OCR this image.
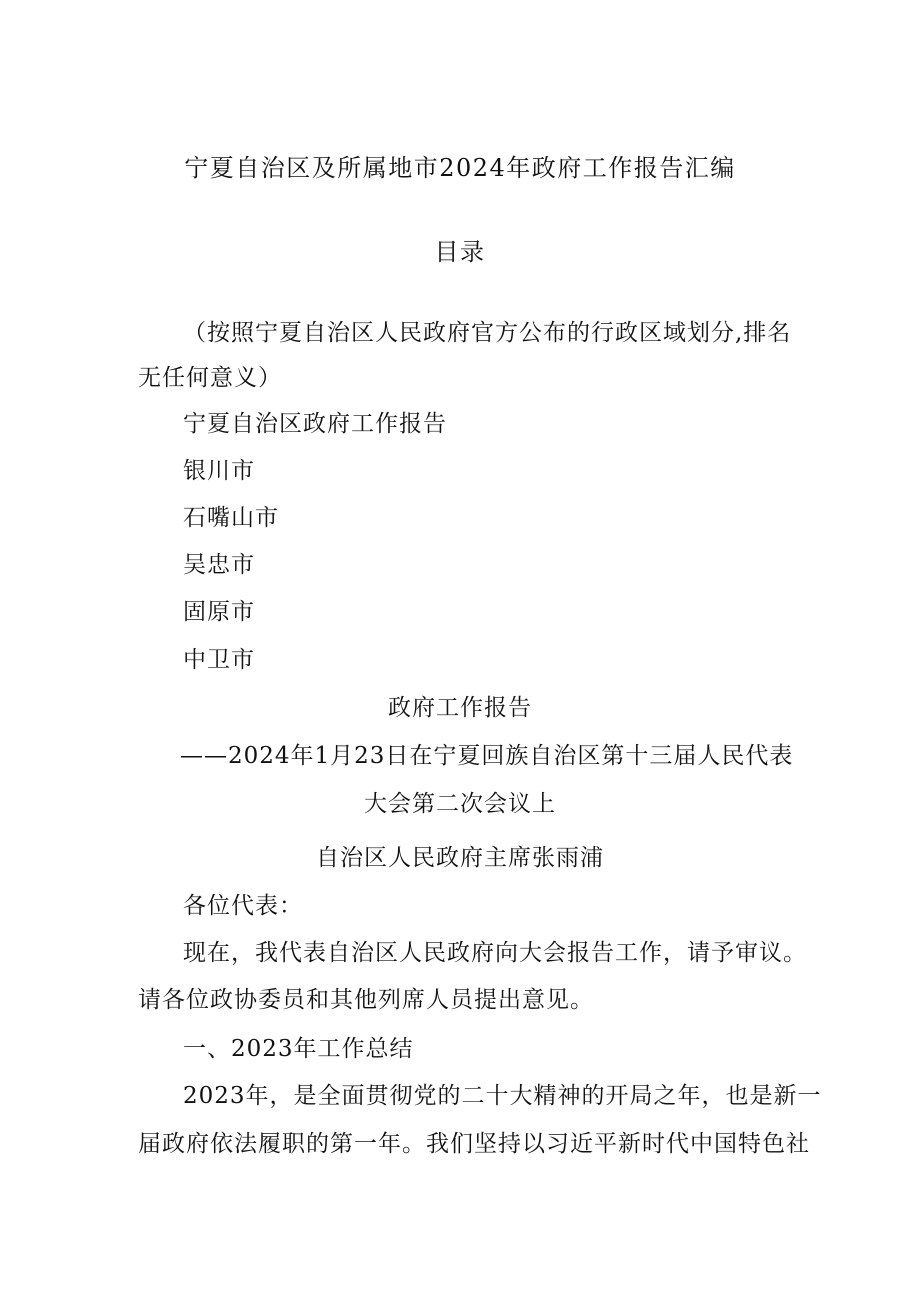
宁夏自治区及所属地市2024年政府工作报告汇编
目录
（按照宁夏自治区人民政府官方公布的行政区域划分,排名
无任何意义）
宁夏自治区政府工作报告
银川市
石嘴山市
吴忠市
固原市
中卫市
政府工作报告
——2024年1月23日在宁夏回族自治区第十三届人民代表
大会第二次会议上
自治区人民政府主席张雨浦
各位代表：
现在，我代表自治区人民政府向大会报告工作，请予审议。
请各位政协委员和其他列席人员提出意见。
一、2023年工作总结
2023年，是全面贯彻党的二十大精神的开局之年，也是新一
届政府依法履职的第一年。我们坚持以习近平新时代中国特色社
